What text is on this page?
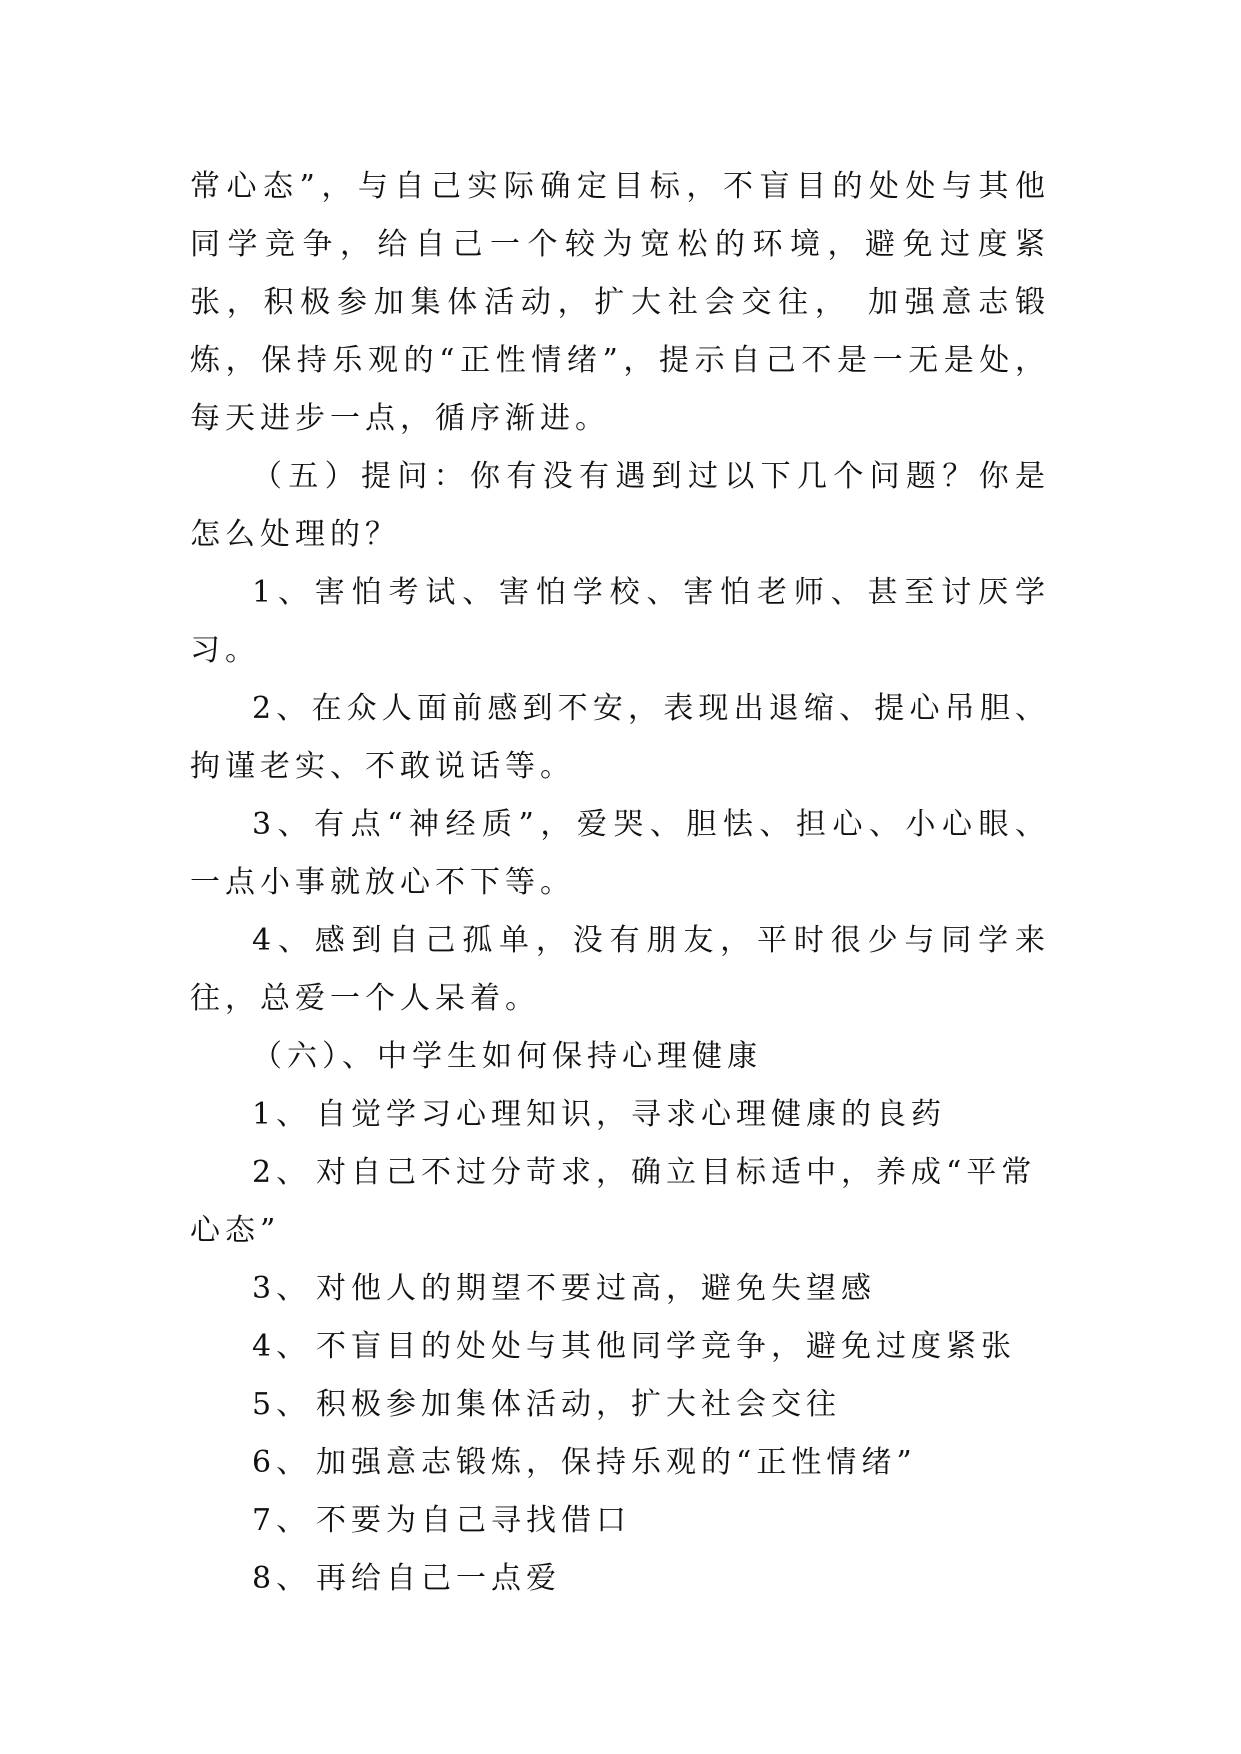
常心态”，与自己实际确定目标，不盲目的处处与其他同学竞争，给自己一个较为宽松的环境，避免过度紧张，积极参加集体活动，扩大社会交往， 加强意志锻炼，保持乐观的“正性情绪”，提示自己不是一无是处，每天进步一点，循序渐进。

（五）提问：你有没有遇到过以下几个问题？你是怎么处理的？

1、害怕考试、害怕学校、害怕老师、甚至讨厌学习。

2、在众人面前感到不安，表现出退缩、提心吊胆、拘谨老实、不敢说话等。

3、有点“神经质”，爱哭、胆怯、担心、小心眼、一点小事就放心不下等。

4、感到自己孤单，没有朋友，平时很少与同学来往，总爱一个人呆着。

（六）、中学生如何保持心理健康

1、 自觉学习心理知识，寻求心理健康的良药

2、 对自己不过分苛求，确立目标适中，养成“平常心态”

3、 对他人的期望不要过高，避免失望感

4、 不盲目的处处与其他同学竞争，避免过度紧张

5、 积极参加集体活动，扩大社会交往

6、 加强意志锻炼，保持乐观的“正性情绪”

7、 不要为自己寻找借口

8、 再给自己一点爱
